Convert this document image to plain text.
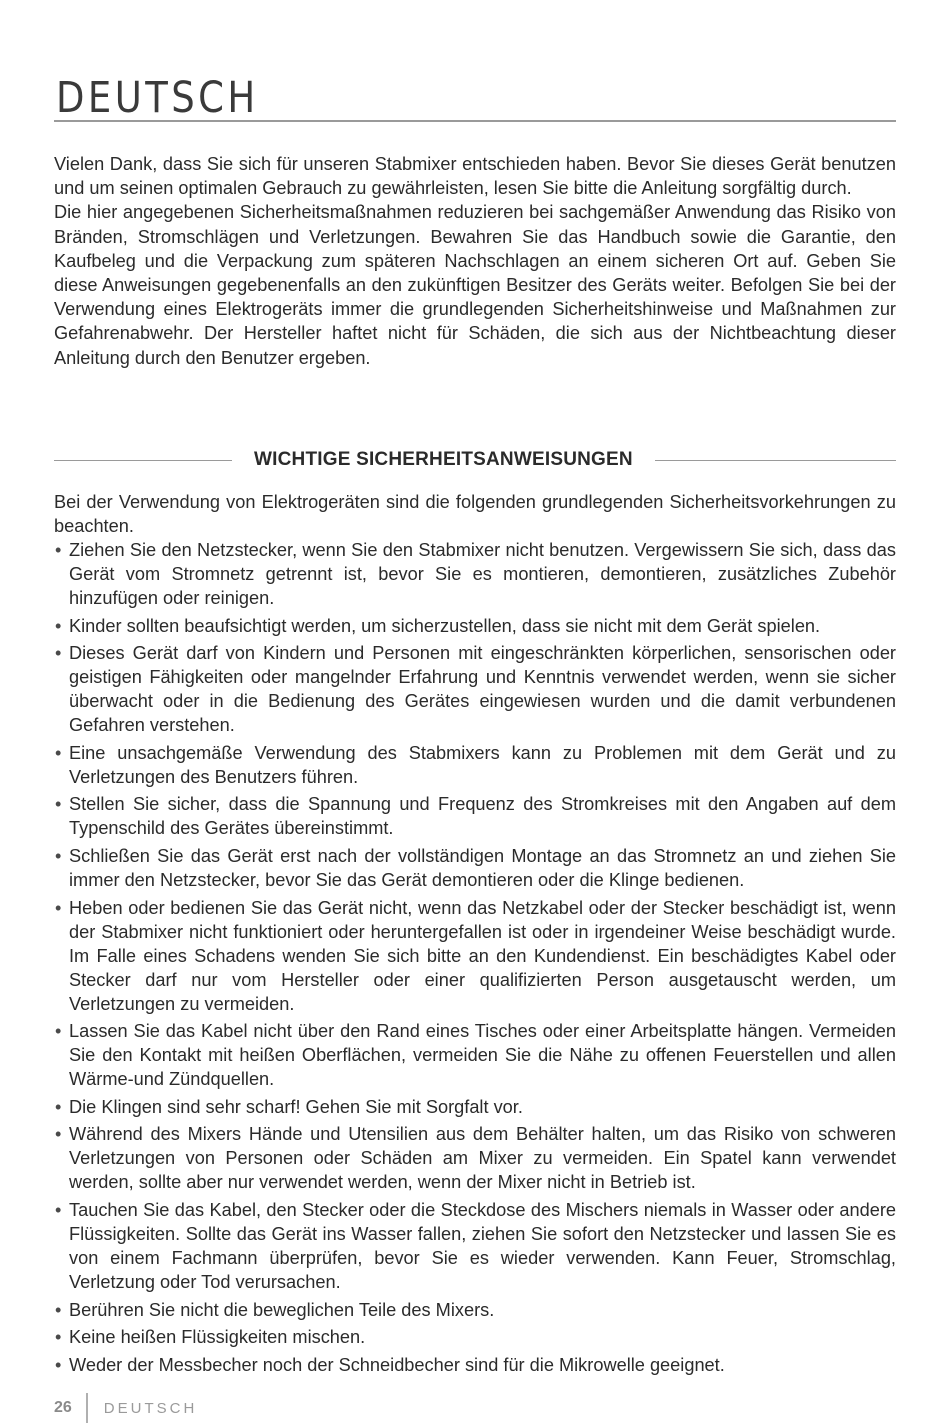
DEUTSCH

Vielen Dank, dass Sie sich für unseren Stabmixer entschieden haben. Bevor Sie dieses Gerät benutzen und um seinen optimalen Gebrauch zu gewährleisten, lesen Sie bitte die Anleitung sorgfältig durch.

Die hier angegebenen Sicherheitsmaßnahmen reduzieren bei sachgemäßer Anwendung das Risiko von Bränden, Stromschlägen und Verletzungen. Bewahren Sie das Handbuch sowie die Garantie, den Kaufbeleg und die Verpackung zum späteren Nachschlagen an einem sicheren Ort auf. Geben Sie diese Anweisungen gegebenenfalls an den zukünftigen Besitzer des Geräts weiter. Befolgen Sie bei der Verwendung eines Elektrogeräts immer die grundlegenden Sicherheitshinweise und Maßnahmen zur Gefahrenabwehr. Der Hersteller haftet nicht für Schäden, die sich aus der Nichtbeachtung dieser Anleitung durch den Benutzer ergeben.

WICHTIGE SICHERHEITSANWEISUNGEN

Bei der Verwendung von Elektrogeräten sind die folgenden grundlegenden Sicherheitsvorkehrungen zu beachten.

• Ziehen Sie den Netzstecker, wenn Sie den Stabmixer nicht benutzen. Vergewissern Sie sich, dass das Gerät vom Stromnetz getrennt ist, bevor Sie es montieren, demontieren, zusätzliches Zubehör hinzufügen oder reinigen.
• Kinder sollten beaufsichtigt werden, um sicherzustellen, dass sie nicht mit dem Gerät spielen.
• Dieses Gerät darf von Kindern und Personen mit eingeschränkten körperlichen, sensorischen oder geistigen Fähigkeiten oder mangelnder Erfahrung und Kenntnis verwendet werden, wenn sie sicher überwacht oder in die Bedienung des Gerätes eingewiesen wurden und die damit verbundenen Gefahren verstehen.
• Eine unsachgemäße Verwendung des Stabmixers kann zu Problemen mit dem Gerät und zu Verletzungen des Benutzers führen.
• Stellen Sie sicher, dass die Spannung und Frequenz des Stromkreises mit den Angaben auf dem Typenschild des Gerätes übereinstimmt.
• Schließen Sie das Gerät erst nach der vollständigen Montage an das Stromnetz an und ziehen Sie immer den Netzstecker, bevor Sie das Gerät demontieren oder die Klinge bedienen.
• Heben oder bedienen Sie das Gerät nicht, wenn das Netzkabel oder der Stecker beschädigt ist, wenn der Stabmixer nicht funktioniert oder heruntergefallen ist oder in irgendeiner Weise beschädigt wurde. Im Falle eines Schadens wenden Sie sich bitte an den Kundendienst. Ein beschädigtes Kabel oder Stecker darf nur vom Hersteller oder einer qualifizierten Person ausgetauscht werden, um Verletzungen zu vermeiden.
• Lassen Sie das Kabel nicht über den Rand eines Tisches oder einer Arbeitsplatte hängen. Vermeiden Sie den Kontakt mit heißen Oberflächen, vermeiden Sie die Nähe zu offenen Feuerstellen und allen Wärme-und Zündquellen.
• Die Klingen sind sehr scharf! Gehen Sie mit Sorgfalt vor.
• Während des Mixers Hände und Utensilien aus dem Behälter halten, um das Risiko von schweren Verletzungen von Personen oder Schäden am Mixer zu vermeiden. Ein Spatel kann verwendet werden, sollte aber nur verwendet werden, wenn der Mixer nicht in Betrieb ist.
• Tauchen Sie das Kabel, den Stecker oder die Steckdose des Mischers niemals in Wasser oder andere Flüssigkeiten. Sollte das Gerät ins Wasser fallen, ziehen Sie sofort den Netzstecker und lassen Sie es von einem Fachmann überprüfen, bevor Sie es wieder verwenden. Kann Feuer, Stromschlag, Verletzung oder Tod verursachen.
• Berühren Sie nicht die beweglichen Teile des Mixers.
• Keine heißen Flüssigkeiten mischen.
• Weder der Messbecher noch der Schneidbecher sind für die Mikrowelle geeignet.
26 DEUTSCH
